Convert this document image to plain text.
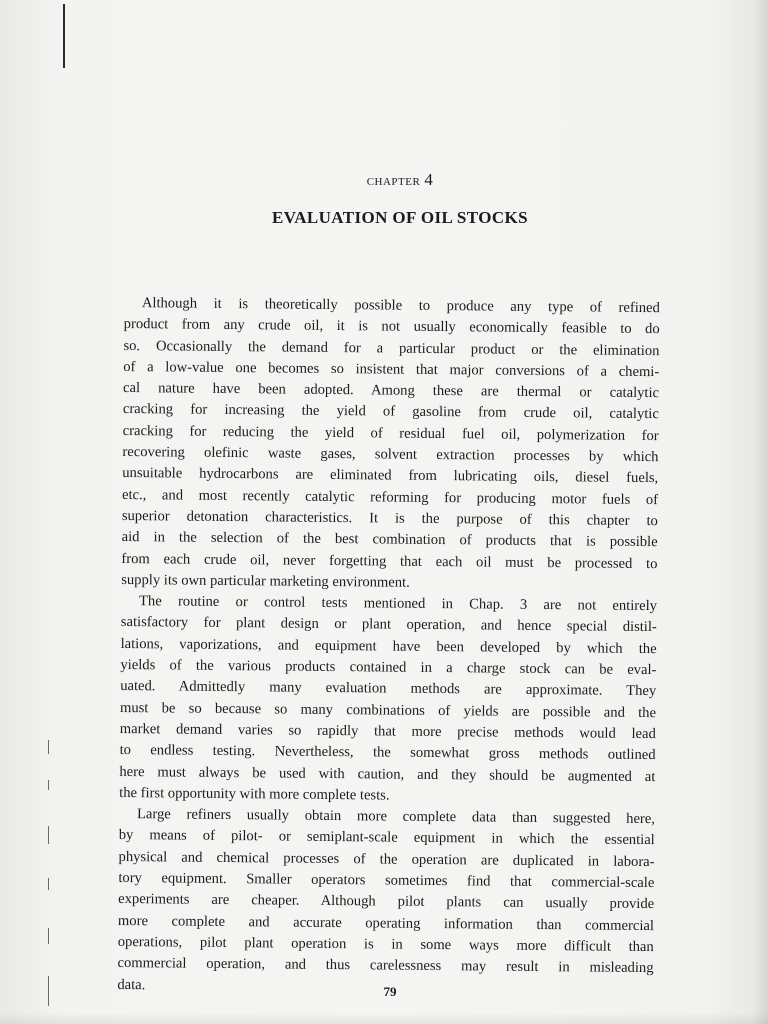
chapter 4
EVALUATION OF OIL STOCKS
Although it is theoretically possible to produce any type of refined
product from any crude oil, it is not usually economically feasible to do
so. Occasionally the demand for a particular product or the elimination
of a low-value one becomes so insistent that major conversions of a chemi-
cal nature have been adopted. Among these are thermal or catalytic
cracking for increasing the yield of gasoline from crude oil, catalytic
cracking for reducing the yield of residual fuel oil, polymerization for
recovering olefinic waste gases, solvent extraction processes by which
unsuitable hydrocarbons are eliminated from lubricating oils, diesel fuels,
etc., and most recently catalytic reforming for producing motor fuels of
superior detonation characteristics. It is the purpose of this chapter to
aid in the selection of the best combination of products that is possible
from each crude oil, never forgetting that each oil must be processed to
supply its own particular marketing environment.
The routine or control tests mentioned in Chap. 3 are not entirely
satisfactory for plant design or plant operation, and hence special distil-
lations, vaporizations, and equipment have been developed by which the
yields of the various products contained in a charge stock can be eval-
uated. Admittedly many evaluation methods are approximate. They
must be so because so many combinations of yields are possible and the
market demand varies so rapidly that more precise methods would lead
to endless testing. Nevertheless, the somewhat gross methods outlined
here must always be used with caution, and they should be augmented at
the first opportunity with more complete tests.
Large refiners usually obtain more complete data than suggested here,
by means of pilot- or semiplant-scale equipment in which the essential
physical and chemical processes of the operation are duplicated in labora-
tory equipment. Smaller operators sometimes find that commercial-scale
experiments are cheaper. Although pilot plants can usually provide
more complete and accurate operating information than commercial
operations, pilot plant operation is in some ways more difficult than
commercial operation, and thus carelessness may result in misleading
data.	79
